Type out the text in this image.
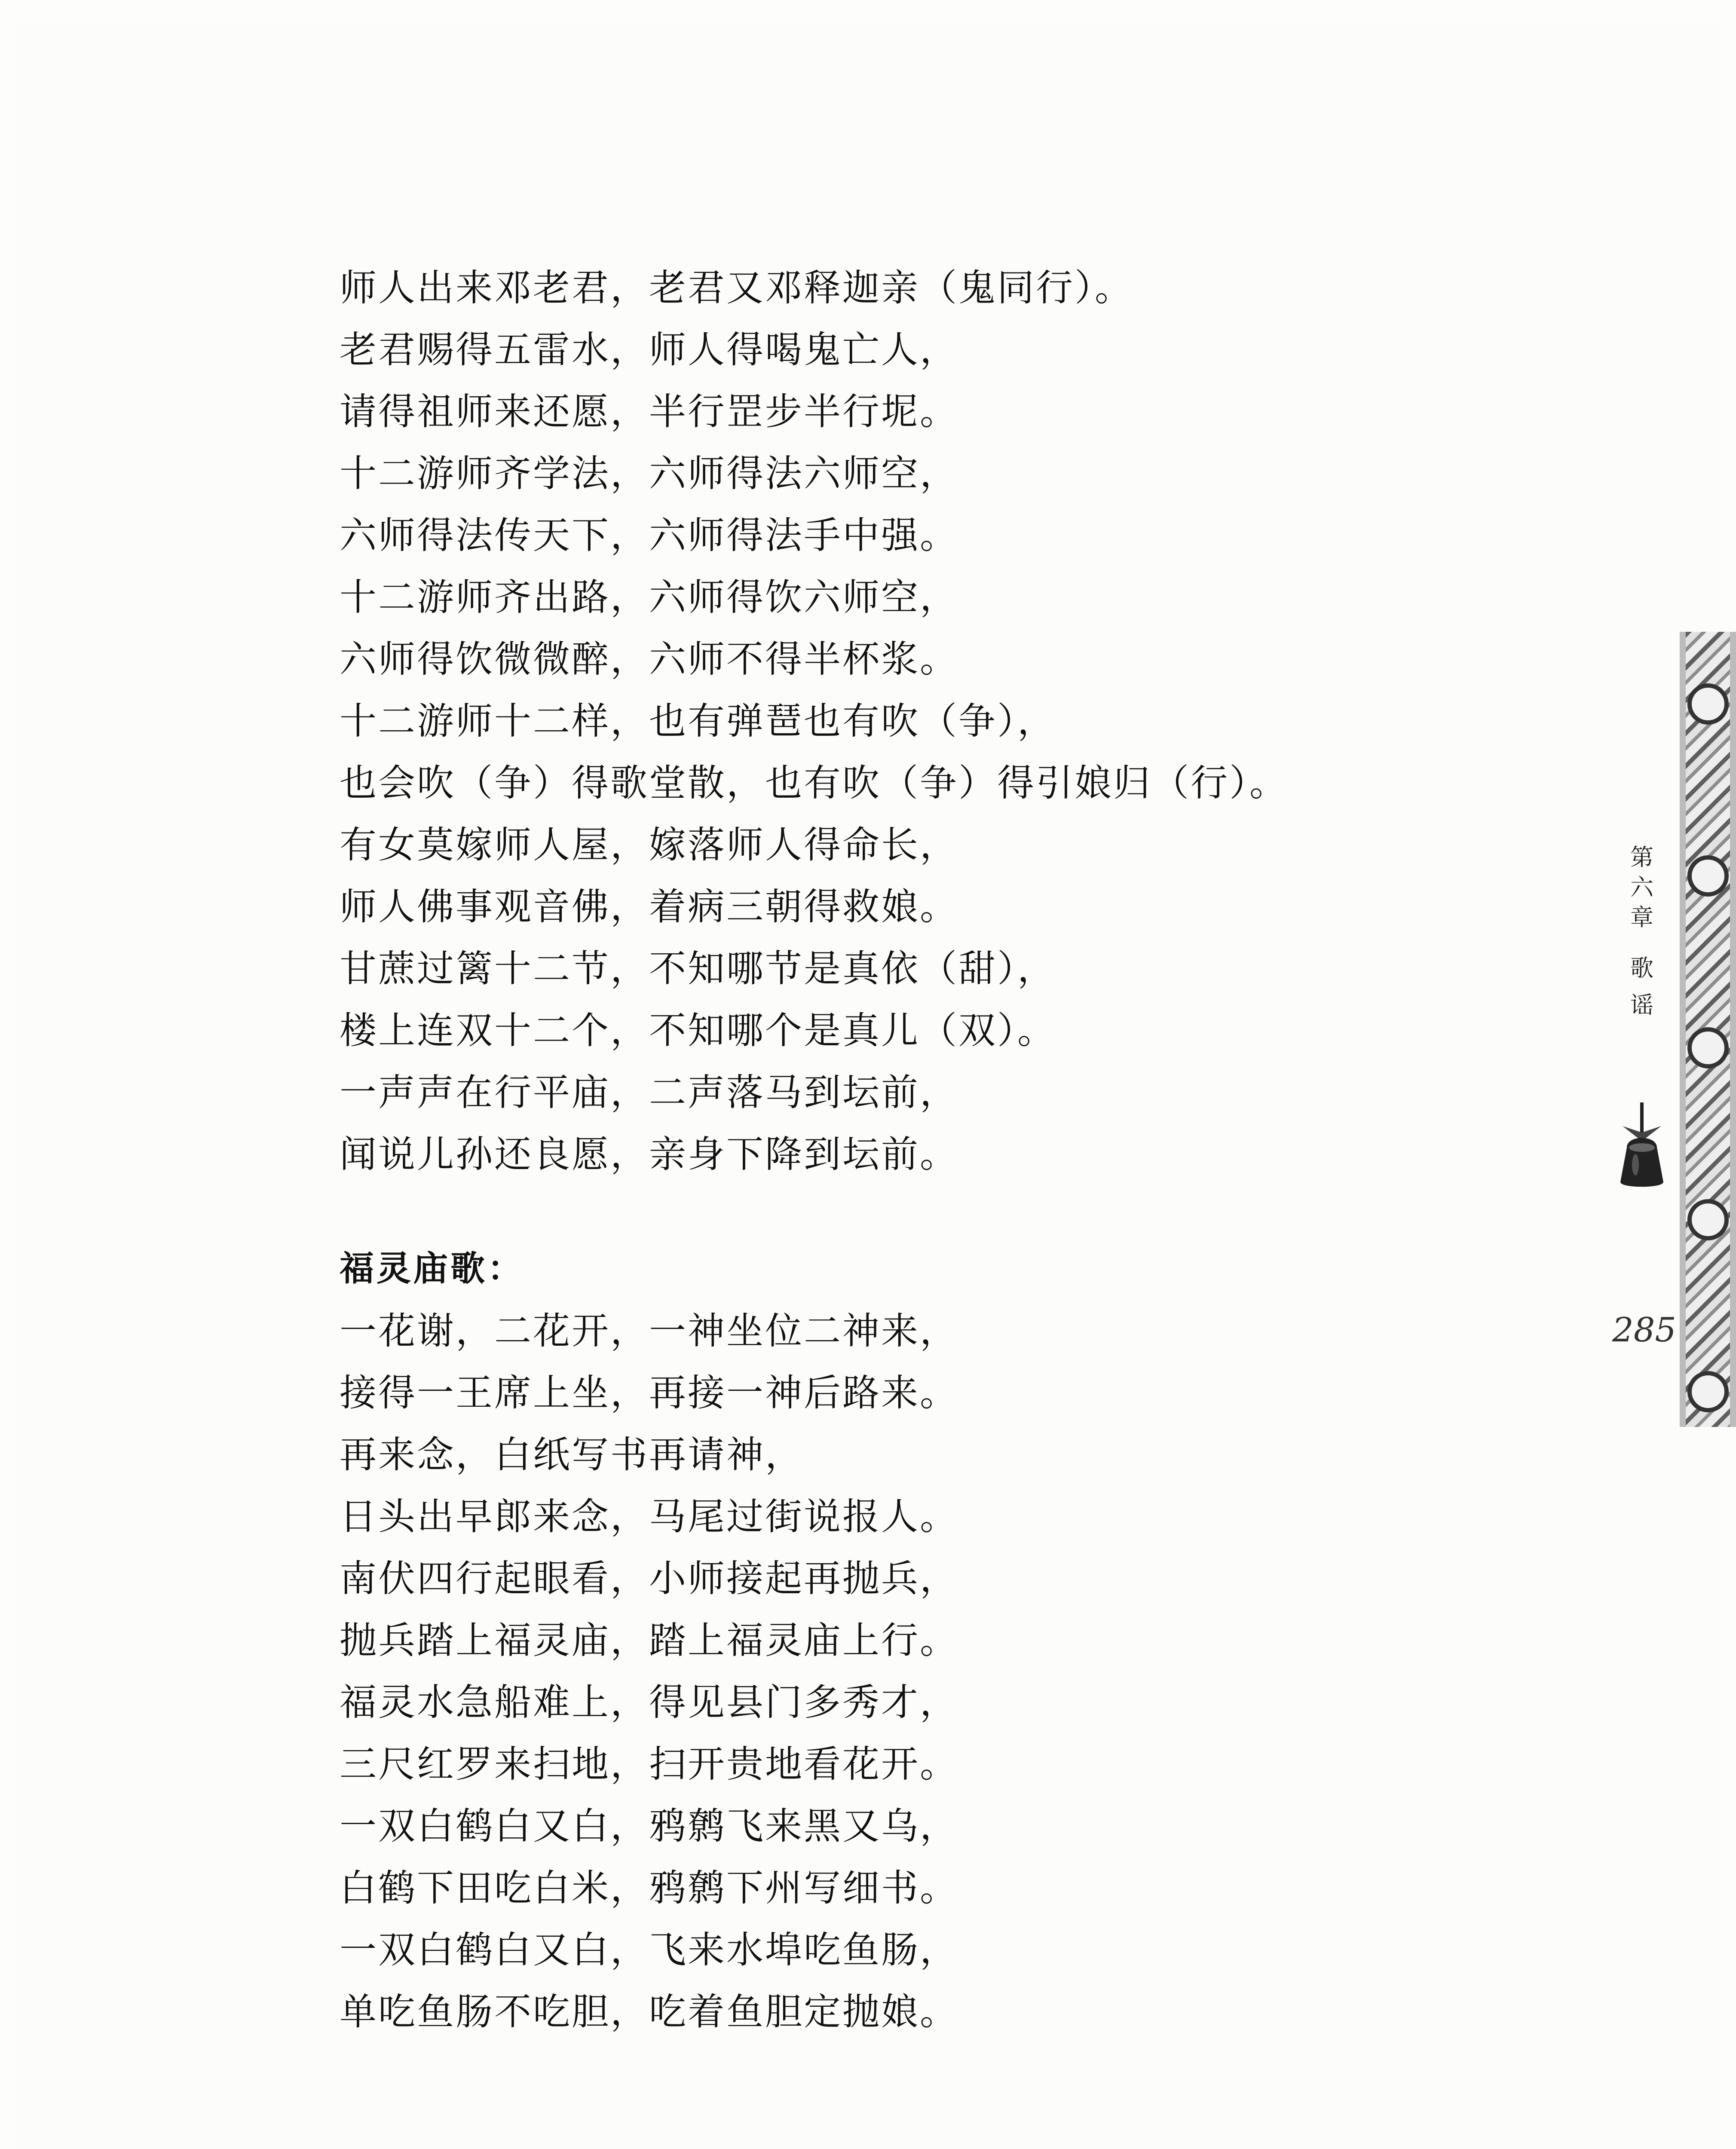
师人出来邓老君，老君又邓释迦亲（鬼同行）。
老君赐得五雷水，师人得喝鬼亡人，
请得祖师来还愿，半行罡步半行坭。
十二游师齐学法，六师得法六师空，
六师得法传天下，六师得法手中强。
十二游师齐出路，六师得饮六师空，
六师得饮微微醉，六师不得半杯浆。
十二游师十二样，也有弹琶也有吹（争），
也会吹（争）得歌堂散，也有吹（争）得引娘归（行）。
有女莫嫁师人屋，嫁落师人得命长，
师人佛事观音佛，着病三朝得救娘。
甘蔗过篱十二节，不知哪节是真依（甜），
楼上连双十二个，不知哪个是真儿（双）。
一声声在行平庙，二声落马到坛前，
闻说儿孙还良愿，亲身下降到坛前。
福灵庙歌：
一花谢，二花开，一神坐位二神来，
接得一王席上坐，再接一神后路来。
再来念，白纸写书再请神，
日头出早郎来念，马尾过街说报人。
南伏四行起眼看，小师接起再抛兵，
抛兵踏上福灵庙，踏上福灵庙上行。
福灵水急船难上，得见县门多秀才，
三尺红罗来扫地，扫开贵地看花开。
一双白鹤白又白，鸦鹩飞来黑又乌，
白鹤下田吃白米，鸦鹩下州写细书。
一双白鹤白又白，飞来水埠吃鱼肠，
单吃鱼肠不吃胆，吃着鱼胆定抛娘。
第
六
章
歌
谣
285
